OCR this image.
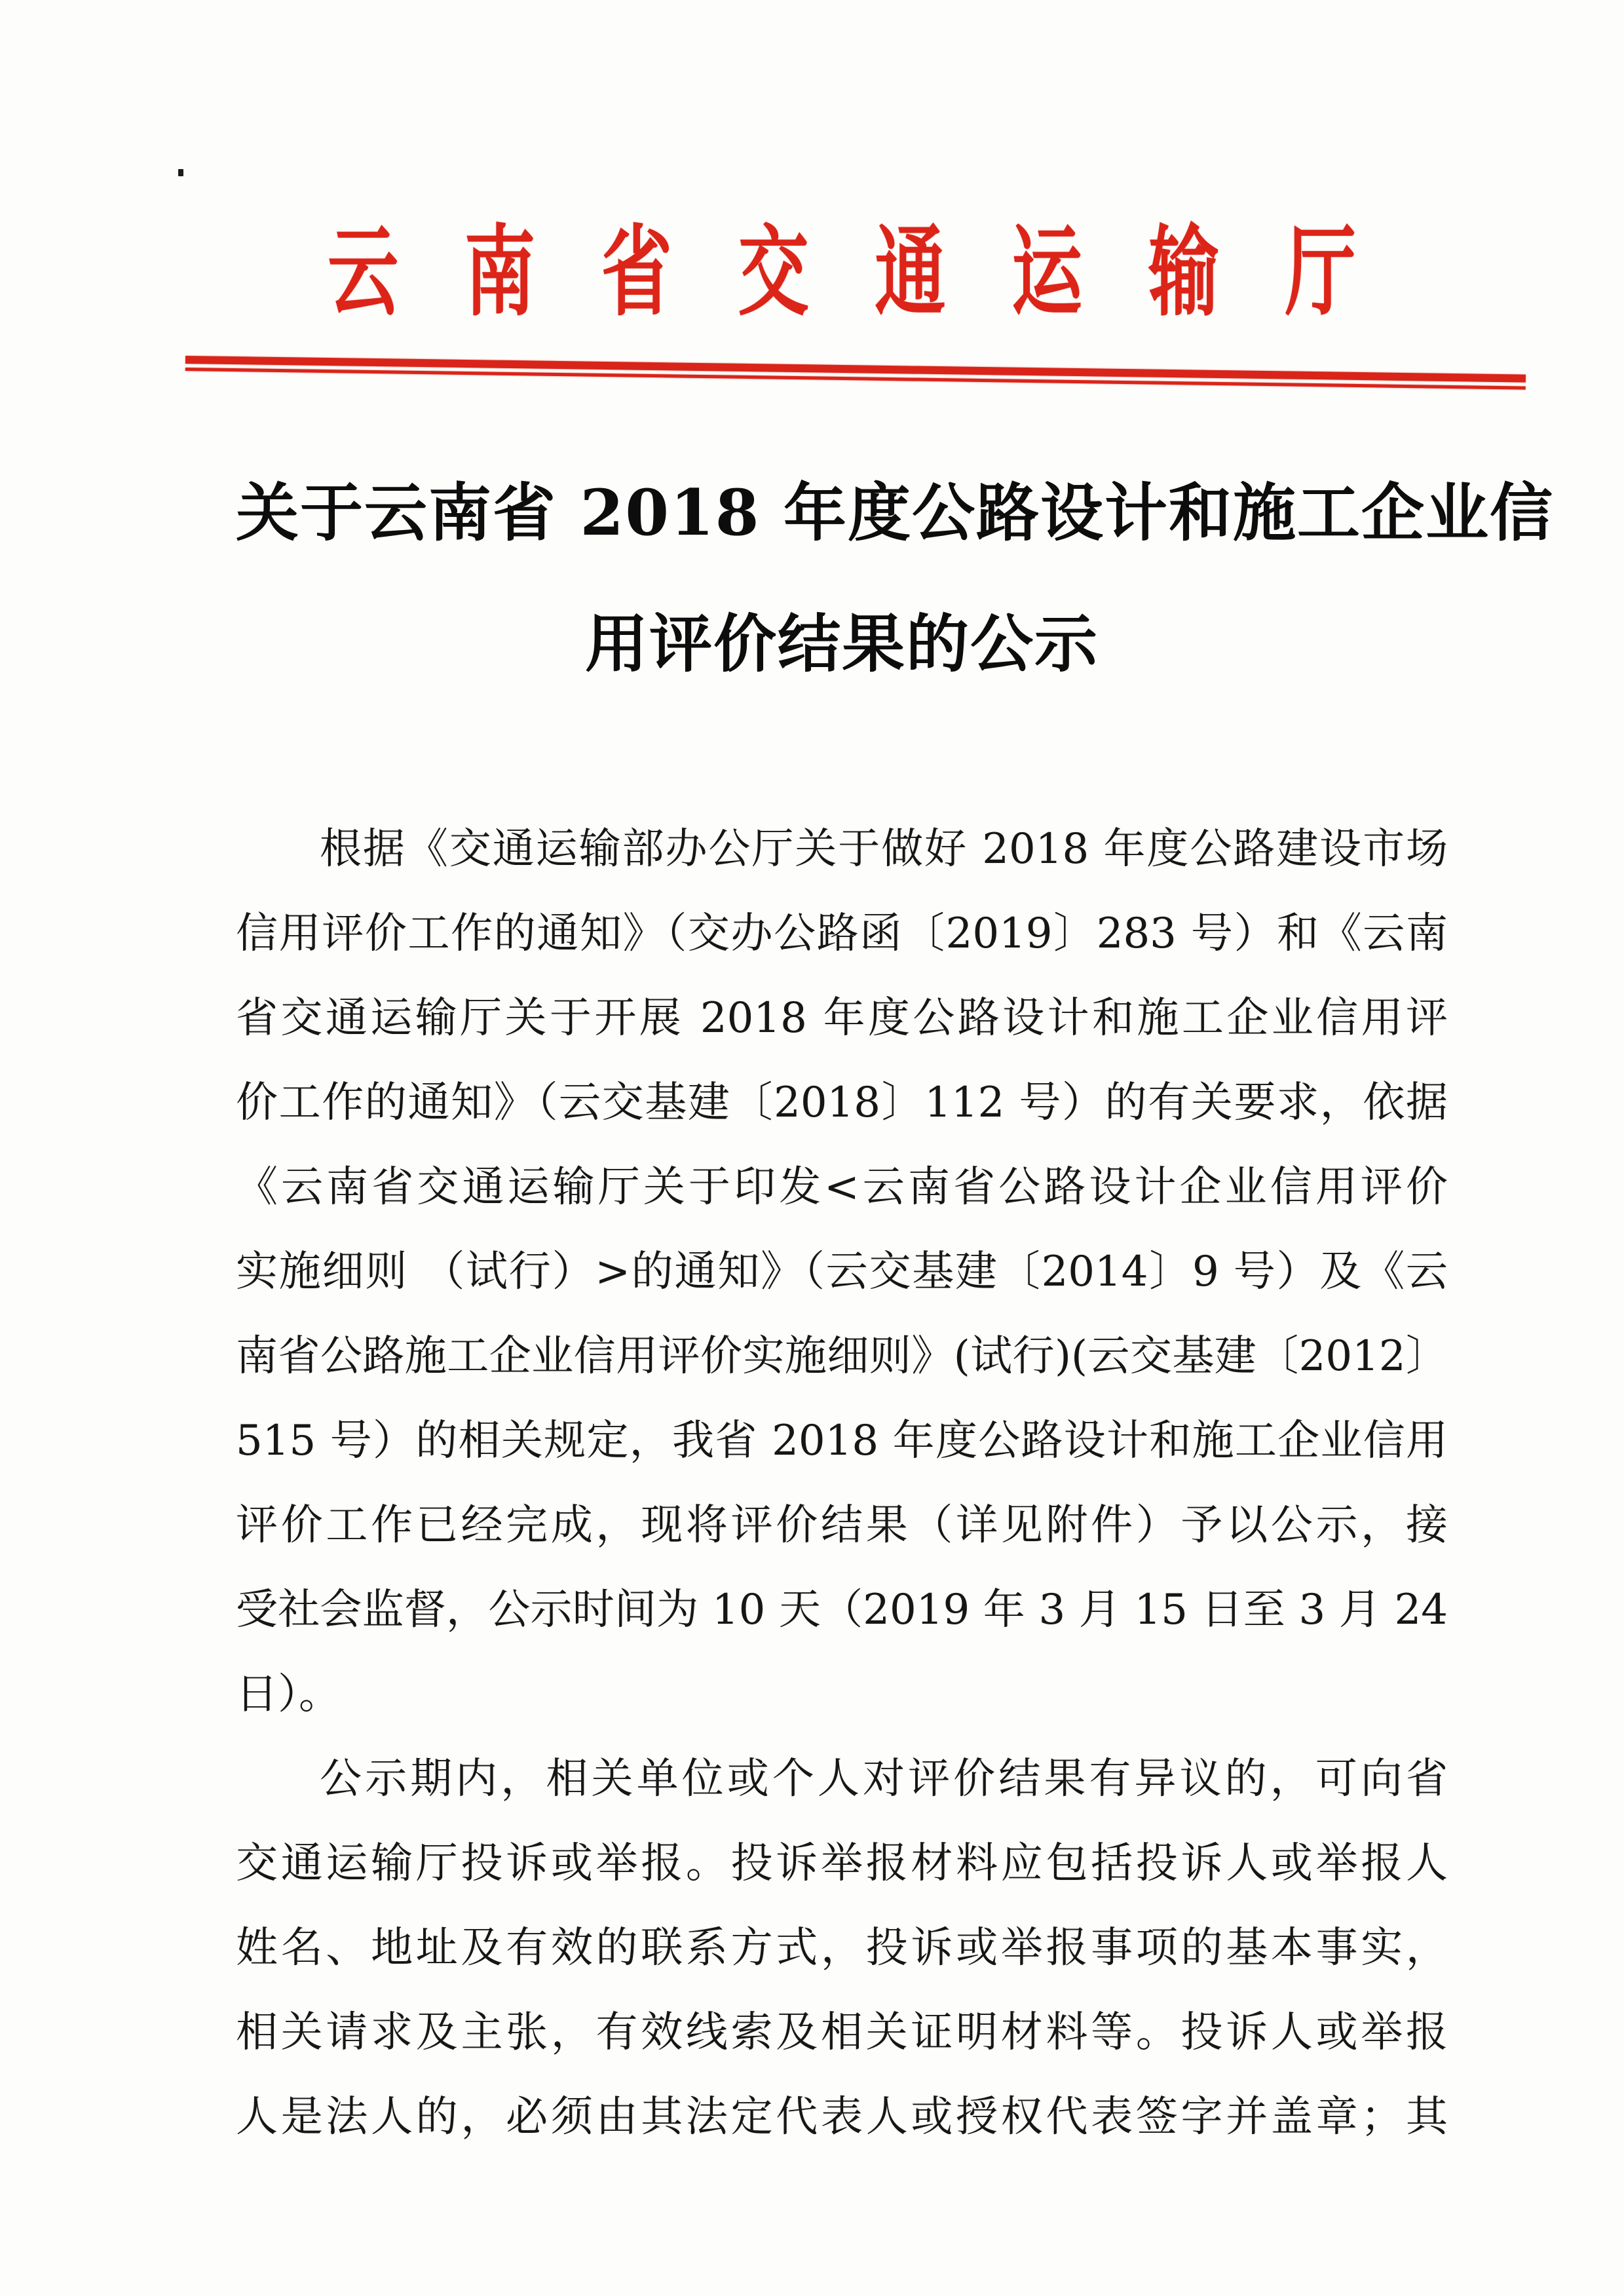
云南省交通运输厅
关于云南省 2018 年度公路设计和施工企业信
用评价结果的公示
根据《交通运输部办公厅关于做好 2018 年度公路建设市场
信用评价工作的通知》（交办公路函〔2019〕283 号）和《云南
省交通运输厅关于开展 2018 年度公路设计和施工企业信用评
价工作的通知》（云交基建〔2018〕112 号）的有关要求，依据
《云南省交通运输厅关于印发<云南省公路设计企业信用评价
实施细则 （试行）>的通知》（云交基建〔2014〕9 号）及《云
南省公路施工企业信用评价实施细则》(试行)(云交基建〔2012〕
515 号）的相关规定，我省 2018 年度公路设计和施工企业信用
评价工作已经完成，现将评价结果（详见附件）予以公示，接
受社会监督，公示时间为 10 天（2019 年 3 月 15 日至 3 月 24
日）。
公示期内，相关单位或个人对评价结果有异议的，可向省
交通运输厅投诉或举报。投诉举报材料应包括投诉人或举报人
姓名、地址及有效的联系方式，投诉或举报事项的基本事实，
相关请求及主张，有效线索及相关证明材料等。投诉人或举报
人是法人的，必须由其法定代表人或授权代表签字并盖章；其
